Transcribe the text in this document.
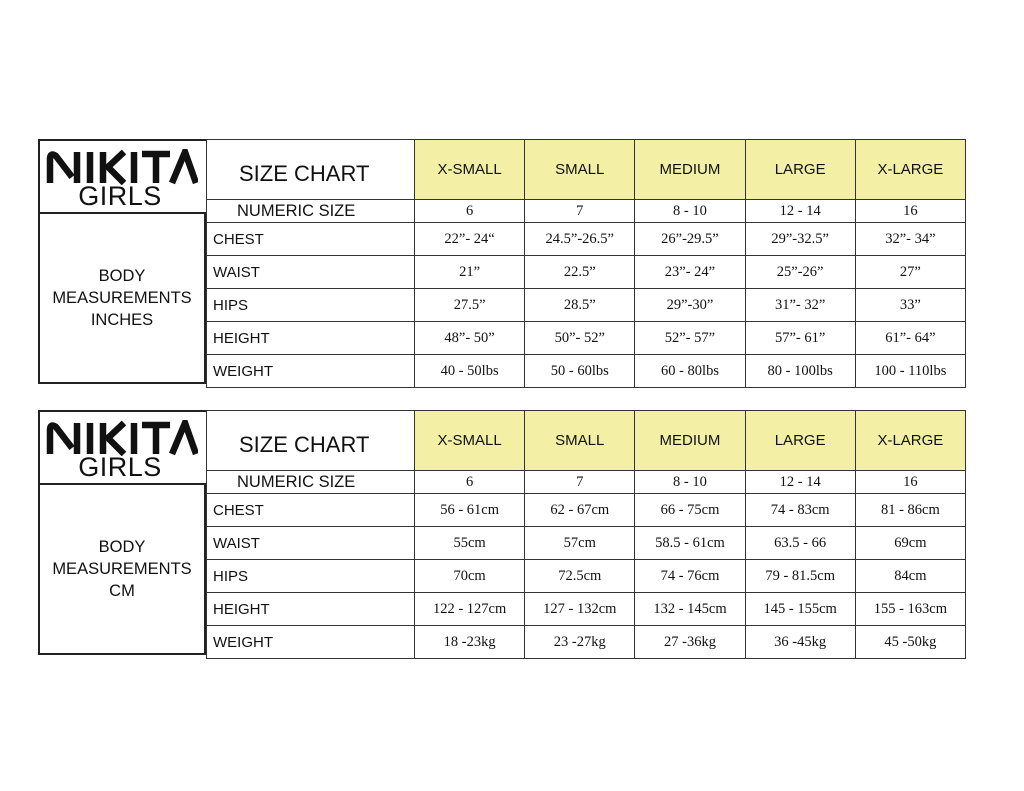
GIRLS
BODY
MEASUREMENTS
INCHES
SIZE CHART	X-SMALL	SMALL	MEDIUM	LARGE	X-LARGE
NUMERIC SIZE	6	7	8 - 10	12 - 14	16
CHEST	22”- 24“	24.5”-26.5”	26”-29.5”	29”-32.5”	32”- 34”
WAIST	21”	22.5”	23”- 24”	25”-26”	27”
HIPS	27.5”	28.5”	29”-30”	31”- 32”	33”
HEIGHT	48”- 50”	50”- 52”	52”- 57”	57”- 61”	61”- 64”
WEIGHT	40 - 50lbs	50 - 60lbs	60 - 80lbs	80 - 100lbs	100 - 110lbs
GIRLS
BODY
MEASUREMENTS
CM
SIZE CHART	X-SMALL	SMALL	MEDIUM	LARGE	X-LARGE
NUMERIC SIZE	6	7	8 - 10	12 - 14	16
CHEST	56 - 61cm	62 - 67cm	66 - 75cm	74 - 83cm	81 - 86cm
WAIST	55cm	57cm	58.5 - 61cm	63.5 - 66	69cm
HIPS	70cm	72.5cm	74 - 76cm	79 - 81.5cm	84cm
HEIGHT	122 - 127cm	127 - 132cm	132 - 145cm	145 - 155cm	155 - 163cm
WEIGHT	18 -23kg	23 -27kg	27 -36kg	36 -45kg	45 -50kg
